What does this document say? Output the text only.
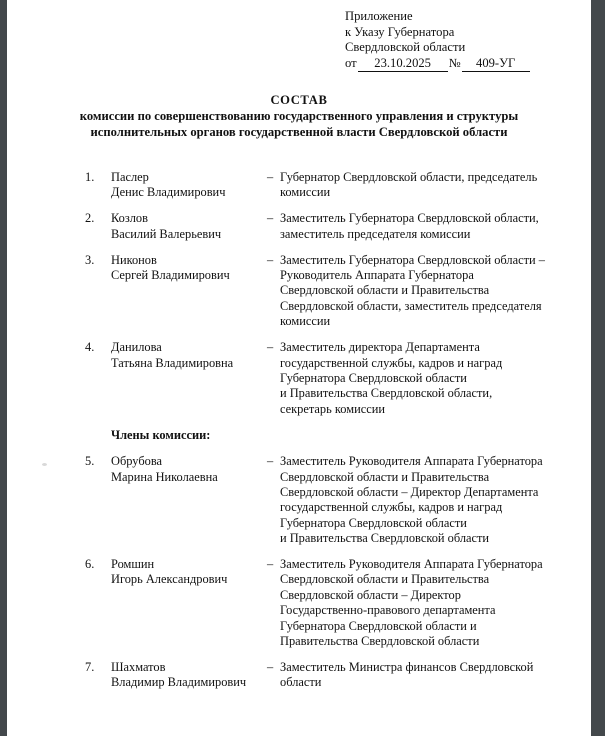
Приложение
к Указу Губернатора
Свердловской области
от 23.10.2025 № 409-УГ
СОСТАВ
комиссии по совершенствованию государственного управления и структуры
исполнительных органов государственной власти Свердловской области
1.	Паслер
Денис Владимирович
– Губернатор Свердловской области, председатель
комиссии
2.	Козлов
Василий Валерьевич
– Заместитель Губернатора Свердловской области,
заместитель председателя комиссии
3.	Никонов
Сергей Владимирович
– Заместитель Губернатора Свердловской области –
Руководитель Аппарата Губернатора
Свердловской области и Правительства
Свердловской области, заместитель председателя
комиссии
4.	Данилова
Татьяна Владимировна
– Заместитель директора Департамента
государственной службы, кадров и наград
Губернатора Свердловской области
и Правительства Свердловской области,
секретарь комиссии
Члены комиссии:
5.	Обрубова
Марина Николаевна
– Заместитель Руководителя Аппарата Губернатора
Свердловской области и Правительства
Свердловской области – Директор Департамента
государственной службы, кадров и наград
Губернатора Свердловской области
и Правительства Свердловской области
6.	Ромшин
Игорь Александрович
– Заместитель Руководителя Аппарата Губернатора
Свердловской области и Правительства
Свердловской области – Директор
Государственно-правового департамента
Губернатора Свердловской области и
Правительства Свердловской области
7.	Шахматов
Владимир Владимирович
– Заместитель Министра финансов Свердловской
области
